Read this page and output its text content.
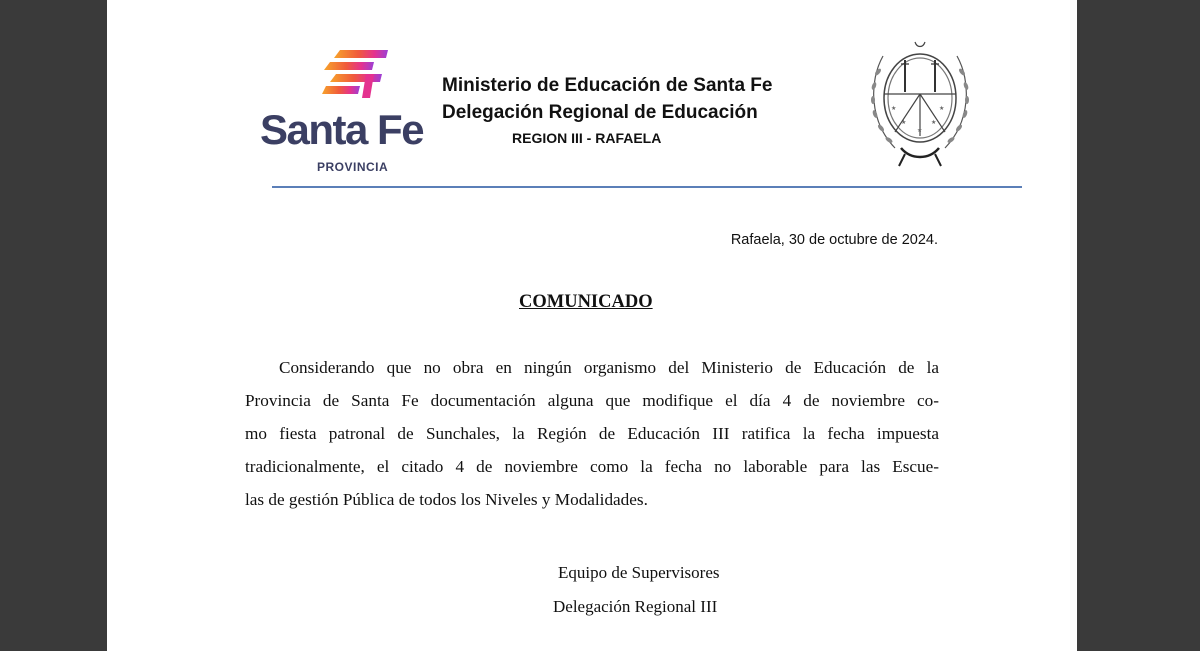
Santa Fe
PROVINCIA
Ministerio de Educación de Santa Fe
Delegación Regional de Educación
REGION III - RAFAELA
★
★
★
★
★
Rafaela, 30 de octubre de 2024.
COMUNICADO
Considerando que no obra en ningún organismo del Ministerio de Educación de la
Provincia de Santa Fe documentación alguna que modifique el día 4 de noviembre co-
mo fiesta patronal de Sunchales, la Región de Educación III ratifica la fecha impuesta
tradicionalmente, el citado 4 de noviembre como la fecha no laborable para las Escue-
las de gestión Pública de todos los Niveles y Modalidades.
Equipo de Supervisores
Delegación Regional III
